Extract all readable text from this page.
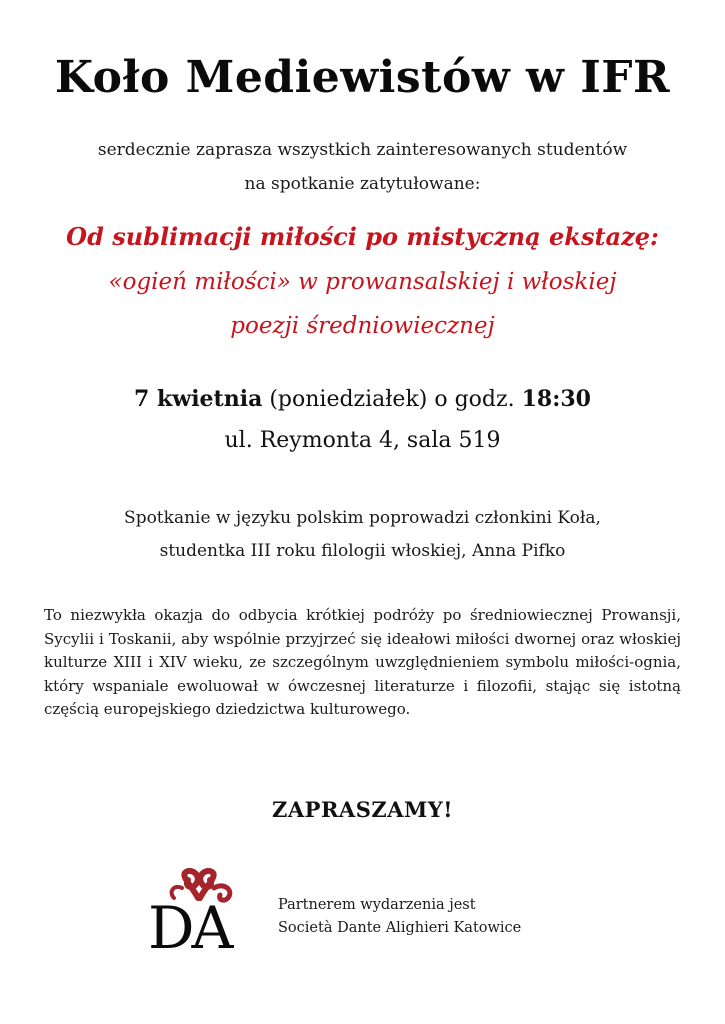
Koło Mediewistów w IFR
serdecznie zaprasza wszystkich zainteresowanych studentów
na spotkanie zatytułowane:
Od sublimacji miłości po mistyczną ekstazę:
«ogień miłości» w prowansalskiej i włoskiej
poezji średniowiecznej
7 kwietnia (poniedziałek) o godz. 18:30
ul. Reymonta 4, sala 519
Spotkanie w języku polskim poprowadzi członkini Koła,
studentka III roku filologii włoskiej, Anna Pifko
To niezwykła okazja do odbycia krótkiej podróży po średniowiecznej Prowansji, Sycylii i Toskanii, aby wspólnie przyjrzeć się ideałowi miłości dwornej oraz włoskiej kulturze XIII i XIV wieku, ze szczególnym uwzględnieniem symbolu miłości-ognia, który wspaniale ewoluował w ówczesnej literaturze i filozofii, stając się istotną częścią europejskiego dziedzictwa kulturowego.
ZAPRASZAMY!
DA	Partnerem wydarzenia jest
Società Dante Alighieri Katowice
